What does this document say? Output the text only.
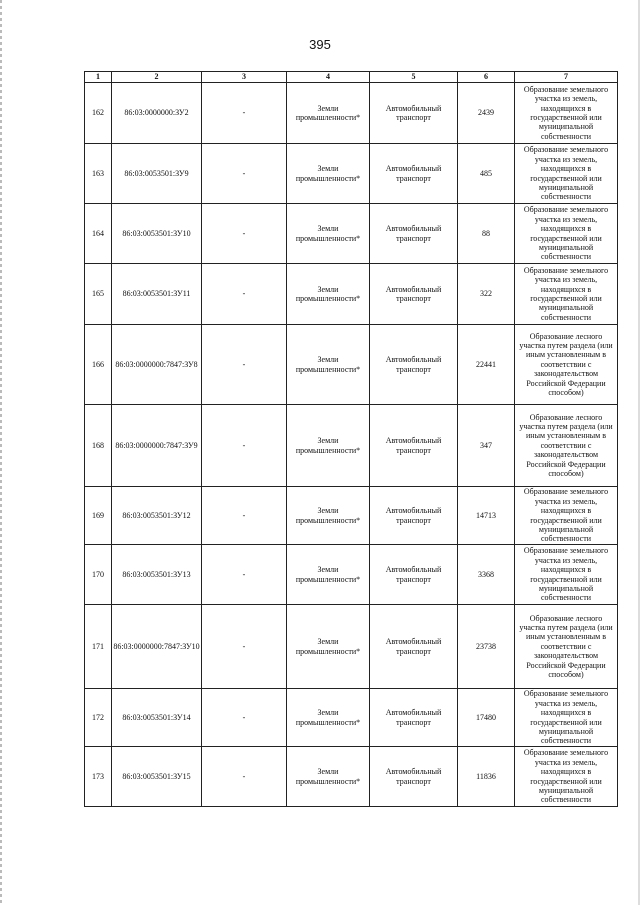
395
1	2	3	4	5	6	7
162	86:03:0000000:ЗУ2	-	Земли промышленности*	Автомобильный транспорт	2439	Образование земельного участка из земель, находящихся в государственной или муниципальной собственности
163	86:03:0053501:ЗУ9	-	Земли промышленности*	Автомобильный транспорт	485	Образование земельного участка из земель, находящихся в государственной или муниципальной собственности
164	86:03:0053501:ЗУ10	-	Земли промышленности*	Автомобильный транспорт	88	Образование земельного участка из земель, находящихся в государственной или муниципальной собственности
165	86:03:0053501:ЗУ11	-	Земли промышленности*	Автомобильный транспорт	322	Образование земельного участка из земель, находящихся в государственной или муниципальной собственности
166	86:03:0000000:7847:ЗУ8	-	Земли промышленности*	Автомобильный транспорт	22441	Образование лесного участка путем раздела (или иным установленным в соответствии с законодательством Российской Федерации способом)
168	86:03:0000000:7847:ЗУ9	-	Земли промышленности*	Автомобильный транспорт	347	Образование лесного участка путем раздела (или иным установленным в соответствии с законодательством Российской Федерации способом)
169	86:03:0053501:ЗУ12	-	Земли промышленности*	Автомобильный транспорт	14713	Образование земельного участка из земель, находящихся в государственной или муниципальной собственности
170	86:03:0053501:ЗУ13	-	Земли промышленности*	Автомобильный транспорт	3368	Образование земельного участка из земель, находящихся в государственной или муниципальной собственности
171	86:03:0000000:7847:ЗУ10	-	Земли промышленности*	Автомобильный транспорт	23738	Образование лесного участка путем раздела (или иным установленным в соответствии с законодательством Российской Федерации способом)
172	86:03:0053501:ЗУ14	-	Земли промышленности*	Автомобильный транспорт	17480	Образование земельного участка из земель, находящихся в государственной или муниципальной собственности
173	86:03:0053501:ЗУ15	-	Земли промышленности*	Автомобильный транспорт	11836	Образование земельного участка из земель, находящихся в государственной или муниципальной собственности
